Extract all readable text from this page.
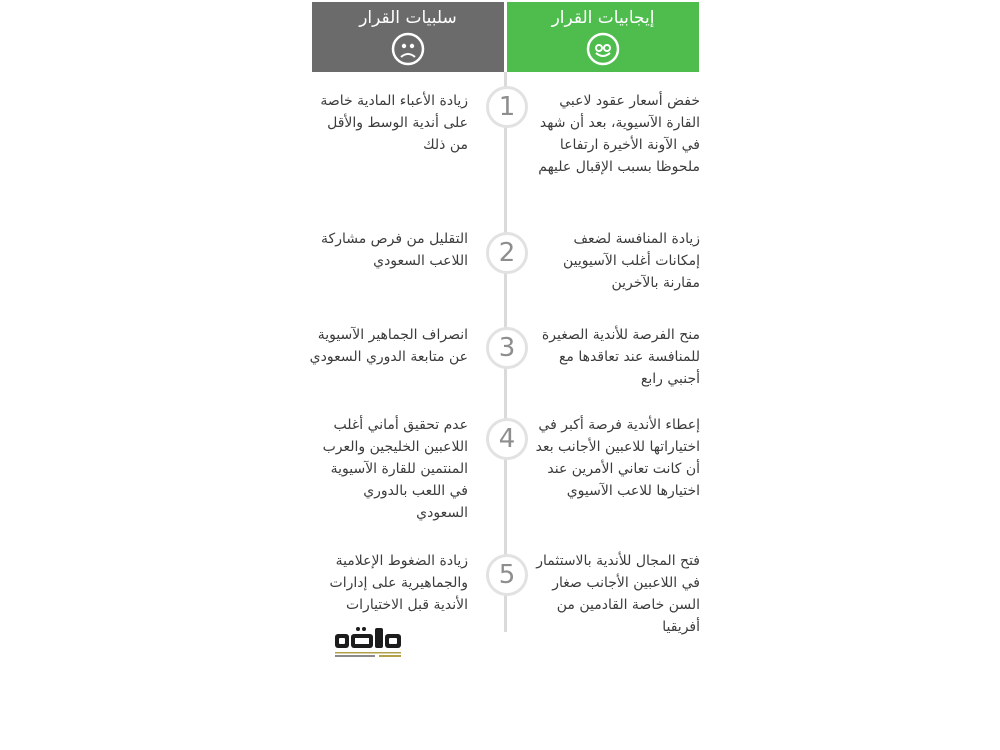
إيجابيات القرار
سلبيات القرار
1	خفض أسعار عقود لاعبي القارة الآسيوية، بعد أن شهد في الآونة الأخيرة ارتفاعا ملحوظا بسبب الإقبال عليهم
زيادة الأعباء المادية خاصة على أندية الوسط والأقل من ذلك
2	زيادة المنافسة لضعف إمكانات أغلب الآسيويين مقارنة بالآخرين
التقليل من فرص مشاركة اللاعب السعودي
3	منح الفرصة للأندية الصغيرة للمنافسة عند تعاقدها مع أجنبي رابع
انصراف الجماهير الآسيوية عن متابعة الدوري السعودي
4	إعطاء الأندية فرصة أكبر في اختياراتها للاعبين الأجانب بعد أن كانت تعاني الأمرين عند اختيارها للاعب الآسيوي
عدم تحقيق أماني أغلب اللاعبين الخليجين والعرب المنتمين للقارة الآسيوية في اللعب بالدوري السعودي
5	فتح المجال للأندية بالاستثمار في اللاعبين الأجانب صغار السن خاصة القادمين من أفريقيا
زيادة الضغوط الإعلامية والجماهيرية على إدارات الأندية قبل الاختيارات
